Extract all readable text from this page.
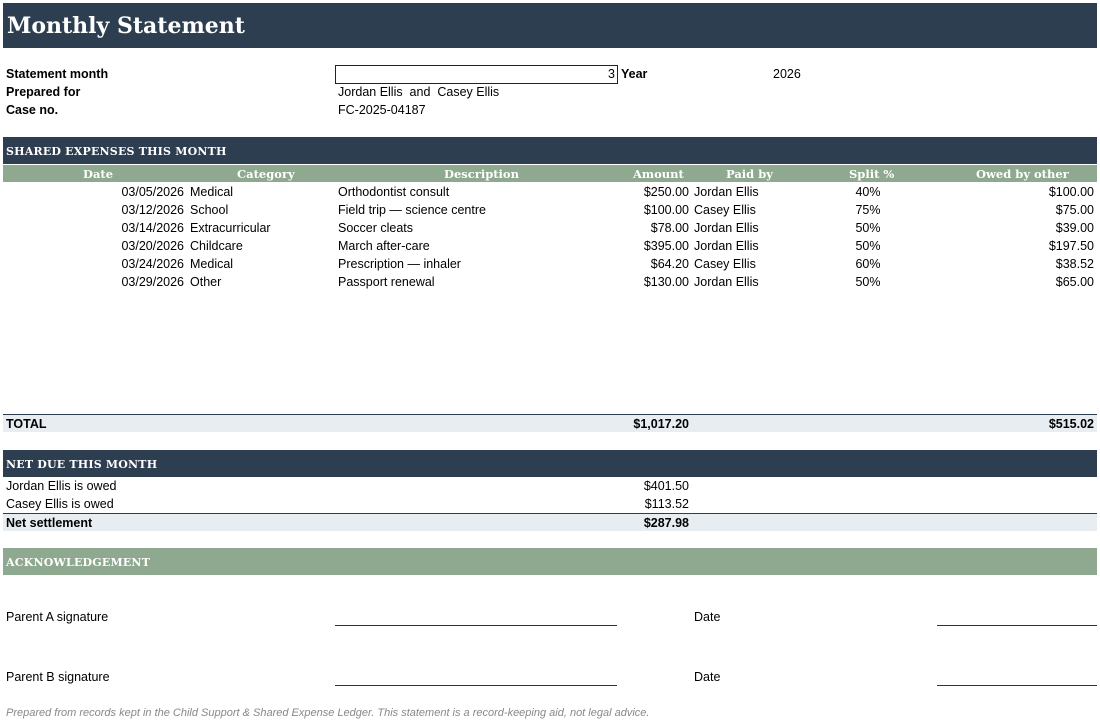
Monthly Statement
Statement month	3 Year	2026
Prepared for	Jordan Ellis  and  Casey Ellis
Case no.	FC-2025-04187
SHARED EXPENSES THIS MONTH
Date	Category	Description	Amount	Paid by	Split %	Owed by other
03/05/2026 Medical	Orthodontist consult	$250.00 Jordan Ellis	40%	$100.00
03/12/2026 School	Field trip — science centre	$100.00 Casey Ellis	75%	$75.00
03/14/2026 Extracurricular	Soccer cleats	$78.00 Jordan Ellis	50%	$39.00
03/20/2026 Childcare	March after-care	$395.00 Jordan Ellis	50%	$197.50
03/24/2026 Medical	Prescription — inhaler	$64.20 Casey Ellis	60%	$38.52
03/29/2026 Other	Passport renewal	$130.00 Jordan Ellis	50%	$65.00
TOTAL	$1,017.20	$515.02
NET DUE THIS MONTH
Jordan Ellis is owed	$401.50
Casey Ellis is owed	$113.52
Net settlement	$287.98
ACKNOWLEDGEMENT
Parent A signature	Date
Parent B signature	Date
Prepared from records kept in the Child Support & Shared Expense Ledger. This statement is a record-keeping aid, not legal advice.
